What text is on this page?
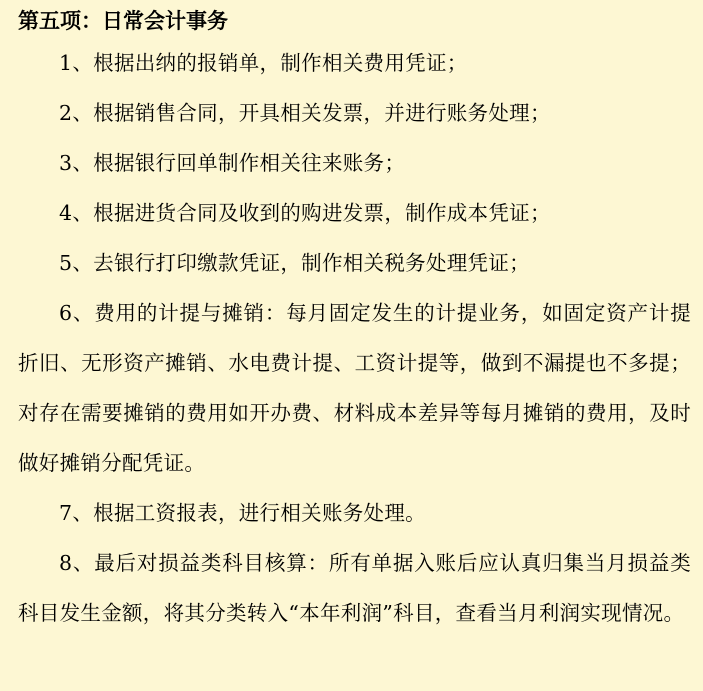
第五项：日常会计事务

1、根据出纳的报销单，制作相关费用凭证；

2、根据销售合同，开具相关发票，并进行账务处理；

3、根据银行回单制作相关往来账务；

4、根据进货合同及收到的购进发票，制作成本凭证；

5、去银行打印缴款凭证，制作相关税务处理凭证；

6、费用的计提与摊销：每月固定发生的计提业务，如固定资产计提折旧、无形资产摊销、水电费计提、工资计提等，做到不漏提也不多提；对存在需要摊销的费用如开办费、材料成本差异等每月摊销的费用，及时做好摊销分配凭证。

7、根据工资报表，进行相关账务处理。

8、最后对损益类科目核算：所有单据入账后应认真归集当月损益类科目发生金额，将其分类转入“本年利润”科目，查看当月利润实现情况。
